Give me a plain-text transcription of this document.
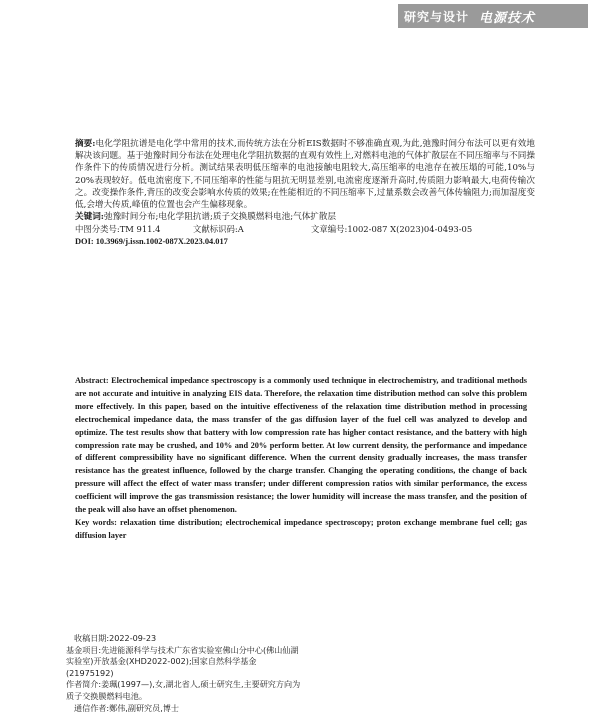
研究与设计 电源技术

摘要:电化学阻抗谱是电化学中常用的技术,而传统方法在分析EIS数据时不够准确直观,为此,弛豫时间分布法可以更有效地解决该问题。基于弛豫时间分布法在处理电化学阻抗数据的直观有效性上,对燃料电池的气体扩散层在不同压缩率与不同操作条件下的传质情况进行分析。测试结果表明低压缩率的电池接触电阻较大,高压缩率的电池存在被压塌的可能,10%与20%表现较好。低电流密度下,不同压缩率的性能与阻抗无明显差别,电流密度逐渐升高时,传质阻力影响最大,电荷传输次之。改变操作条件,背压的改变会影响水传质的效果;在性能相近的不同压缩率下,过量系数会改善气体传输阻力;而加湿度变低,会增大传质,峰值的位置也会产生偏移现象。

关键词:弛豫时间分布;电化学阻抗谱;质子交换膜燃料电池;气体扩散层

中图分类号:TM 911.4	文献标识码:A	文章编号:1002-087 X(2023)04-0493-05
DOI: 10.3969/j.issn.1002-087X.2023.04.017

Abstract: Electrochemical impedance spectroscopy is a commonly used technique in electrochemistry, and traditional methods are not accurate and intuitive in analyzing EIS data. Therefore, the relaxation time distribution method can solve this problem more effectively. In this paper, based on the intuitive effectiveness of the relaxation time distribution method in processing electrochemical impedance data, the mass transfer of the gas diffusion layer of the fuel cell was analyzed to develop and optimize. The test results show that battery with low compression rate has higher contact resistance, and the battery with high compression rate may be crushed, and 10% and 20% perform better. At low current density, the performance and impedance of different compressibility have no significant difference. When the current density gradually increases, the mass transfer resistance has the greatest influence, followed by the charge transfer. Changing the operating conditions, the change of back pressure will affect the effect of water mass transfer; under different compression ratios with similar performance, the excess coefficient will improve the gas transmission resistance; the lower humidity will increase the mass transfer, and the position of the peak will also have an offset phenomenon.

Key words: relaxation time distribution; electrochemical impedance spectroscopy; proton exchange membrane fuel cell; gas diffusion layer

收稿日期:2022-09-23

基金项目:先进能源科学与技术广东省实验室佛山分中心(佛山仙湖实验室)开放基金(XHD2022-002);国家自然科学基金(21975192)

作者简介:姜珮(1997—),女,湖北省人,硕士研究生,主要研究方向为质子交换膜燃料电池。

通信作者:鄭伟,副研究员,博士
